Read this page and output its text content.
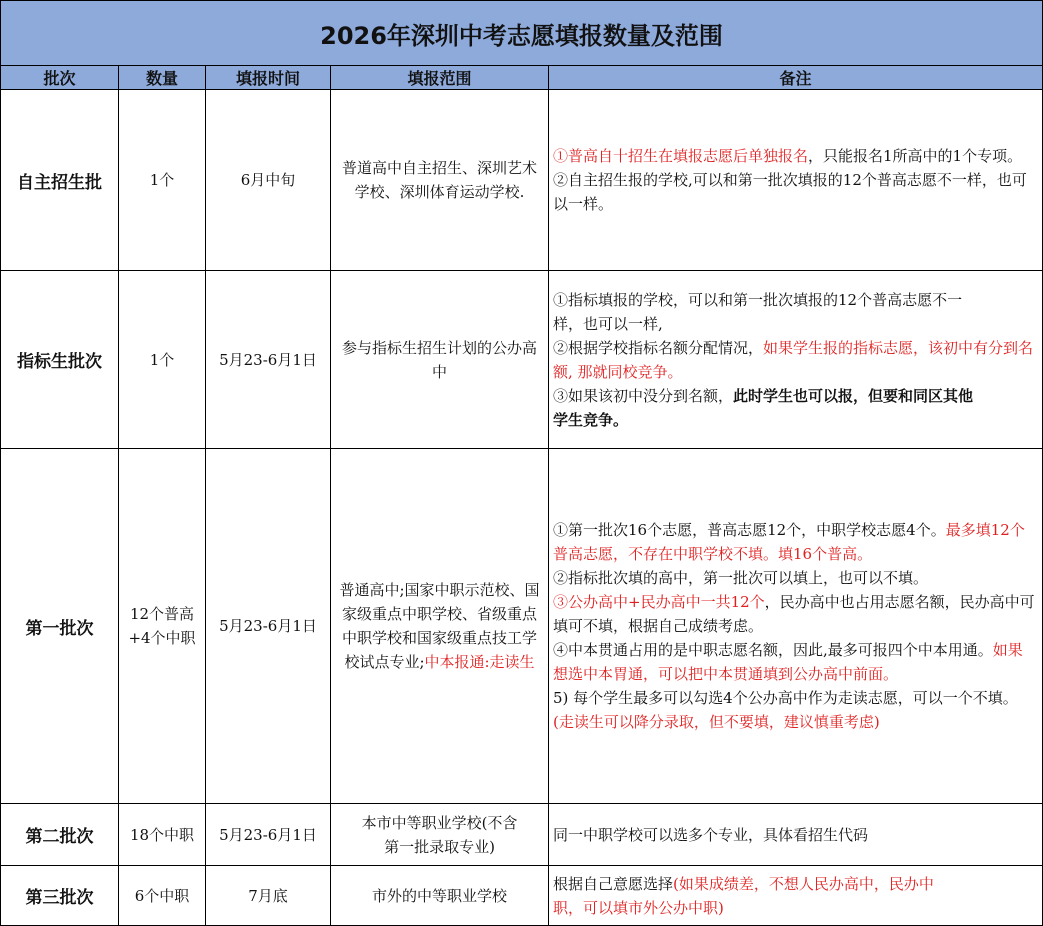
2026年深圳中考志愿填报数量及范围				
批次	数量	填报时间	填报范围	备注
自主招生批	1个	6月中旬	普道高中自主招生、深圳艺术学校、深圳体育运动学校.	①普高自十招生在填报志愿后单独报名，只能报名1所高中的1个专项。

②自主招生报的学校,可以和第一批次填报的12个普高志愿不一样，也可以一样。

指标生批次	1个	5月23-6月1日	参与指标生招生计划的公办高中	①指标填报的学校，可以和第一批次填报的12个普高志愿不一样，也可以一样,

②根据学校指标名额分配情况，如果学生报的指标志愿，该初中有分到名额, 那就同校竞争。

③如果该初中没分到名额，此时学生也可以报，但要和同区其他学生竞争。

第一批次	12个普高+4个中职	5月23-6月1日	普通高中;国家中职示范校、国家级重点中职学校、省级重点中职学校和国家级重点技工学校试点专业;中本报通:走读生	①第一批次16个志愿，普高志愿12个，中职学校志愿4个。最多填12个普高志愿，不存在中职学校不填。填16个普高。

②指标批次填的高中，第一批次可以填上，也可以不填。

③公办高中+民办高中一共12个，民办高中也占用志愿名额，民办高中可填可不填，根据自己成绩考虑。

④中本贯通占用的是中职志愿名额，因此,最多可报四个中本用通。如果想选中本胃通，可以把中本贯通填到公办高中前面。

5) 每个学生最多可以勾选4个公办高中作为走读志愿，可以一个不填。(走读生可以降分录取，但不要填，建议慎重考虑)

第二批次	18个中职	5月23-6月1日	本市中等职业学校(不含第一批录取专业)	同一中职学校可以选多个专业，具体看招生代码

第三批次	6个中职	7月底	市外的中等职业学校	根据自己意愿选择(如果成绩差，不想人民办高中，民办中职，可以填市外公办中职)
